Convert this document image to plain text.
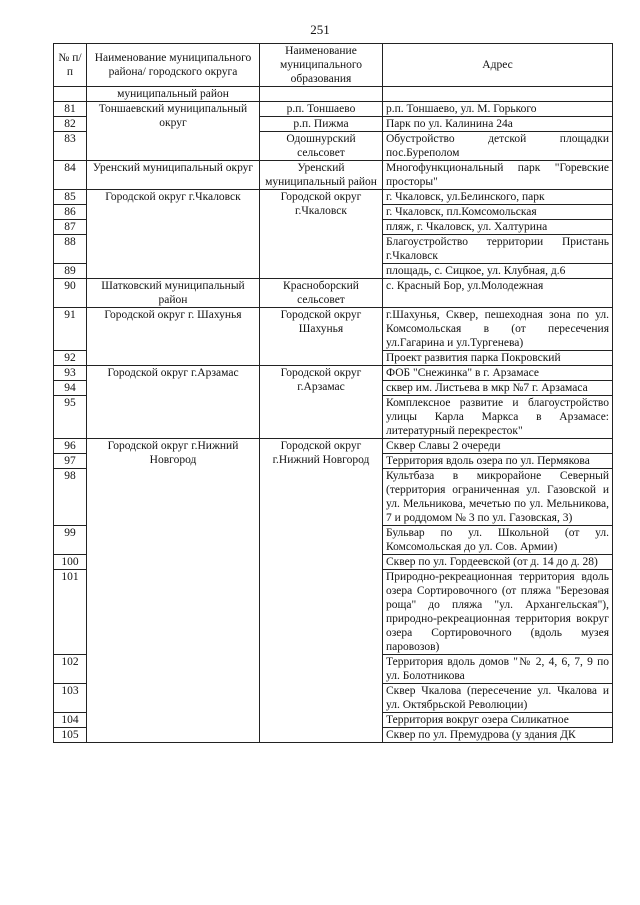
251
№ п/п	Наименование муниципального района/ городского округа	Наименование муниципального образования	Адрес
	муниципальный район		
81	Тоншаевский муниципальный округ	р.п. Тоншаево	р.п. Тоншаево, ул. М. Горького
82		р.п. Пижма	Парк по ул. Калинина 24а
83		Одошнурский сельсовет	Обустройство детской площадки пос.Буреполом
84	Уренский муниципальный округ	Уренский муниципальный район	Многофункциональный парк "Горевские просторы"
85	Городской округ г.Чкаловск	Городской округ г.Чкаловск	г. Чкаловск, ул.Белинского, парк
86			г. Чкаловск, пл.Комсомольская
87			пляж, г. Чкаловск, ул. Халтурина
88			Благоустройство территории Пристань г.Чкаловск
89			площадь, с. Сицкое, ул. Клубная, д.6
90	Шатковский муниципальный район	Красноборский сельсовет	с. Красный Бор, ул.Молодежная
91	Городской округ г. Шахунья	Городской округ Шахунья	г.Шахунья, Сквер, пешеходная зона по ул. Комсомольская в (от пересечения ул.Гагарина и ул.Тургенева)
92			Проект развития парка Покровский
93	Городской округ г.Арзамас	Городской округ г.Арзамас	ФОБ "Снежинка" в г. Арзамасе
94			сквер им. Листьева в мкр №7 г. Арзамаса
95			Комплексное развитие и благоустройство улицы Карла Маркса в Арзамасе: литературный перекресток"
96	Городской округ г.Нижний Новгород	Городской округ г.Нижний Новгород	Сквер Славы 2 очереди
97			Территория вдоль озера по ул. Пермякова
98			Культбаза в микрорайоне Северный (территория ограниченная ул. Газовской и ул. Мельникова, мечетью по ул. Мельникова, 7 и роддомом № 3 по ул. Газовская, 3)
99			Бульвар по ул. Школьной (от ул. Комсомольская до ул. Сов. Армии)
100			Сквер по ул. Гордеевской (от д. 14 до д. 28)
101			Природно-рекреационная территория вдоль озера Сортировочного (от пляжа "Березовая роща" до пляжа "ул. Архангельская"), природно-рекреационная территория вокруг озера Сортировочного (вдоль музея паровозов)
102			Территория вдоль домов "№ 2, 4, 6, 7, 9 по ул. Болотникова
103			Сквер Чкалова (пересечение ул. Чкалова и ул. Октябрьской Революции)
104			Территория вокруг озера Силикатное
105			Сквер по ул. Премудрова (у здания ДК
